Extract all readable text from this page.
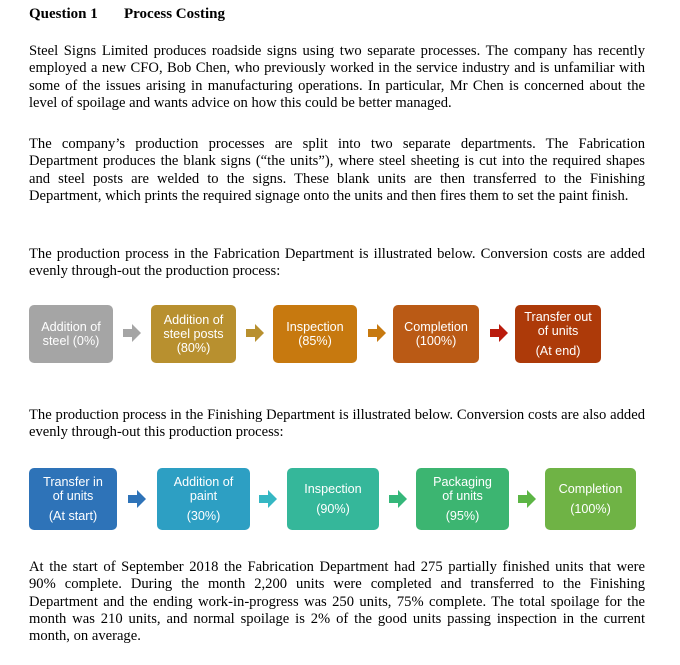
Question 1 Process Costing

Steel Signs Limited produces roadside signs using two separate processes. The company has recently employed a new CFO, Bob Chen, who previously worked in the service industry and is unfamiliar with some of the issues arising in manufacturing operations. In particular, Mr Chen is concerned about the level of spoilage and wants advice on how this could be better managed.

The company’s production processes are split into two separate departments. The Fabrication Department produces the blank signs (“the units”), where steel sheeting is cut into the required shapes and steel posts are welded to the signs. These blank units are then transferred to the Finishing Department, which prints the required signage onto the units and then fires them to set the paint finish.

The production process in the Fabrication Department is illustrated below. Conversion costs are added evenly through-out the production process:

Addition of
steel (0%)
Addition of
steel posts
(80%)
Inspection
(85%)
Completion
(100%)
Transfer out
of units
(At end)

The production process in the Finishing Department is illustrated below. Conversion costs are also added evenly through-out this production process:

Transfer in
of units
(At start)
Addition of
paint
(30%)
Inspection
(90%)
Packaging
of units
(95%)
Completion
(100%)

At the start of September 2018 the Fabrication Department had 275 partially finished units that were 90% complete. During the month 2,200 units were completed and transferred to the Finishing Department and the ending work-in-progress was 250 units, 75% complete. The total spoilage for the month was 210 units, and normal spoilage is 2% of the good units passing inspection in the current month, on average.
